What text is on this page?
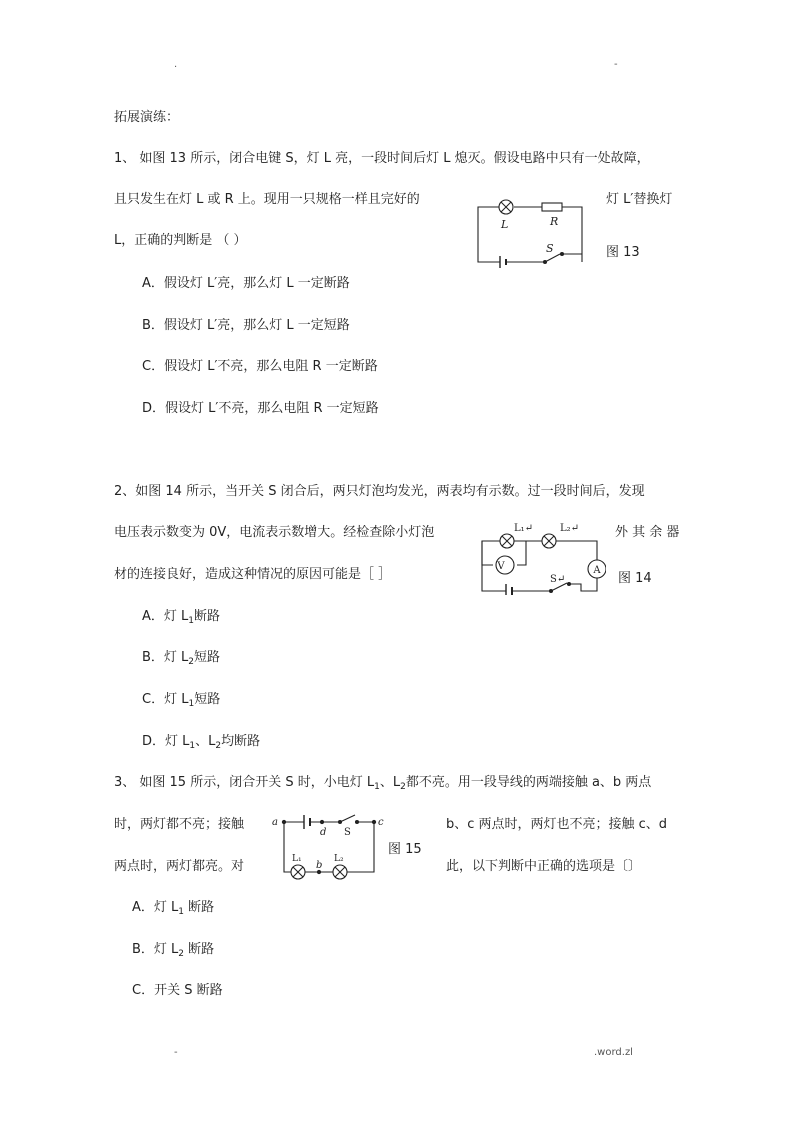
.	-
拓展演练：
1、 如图 13 所示，闭合电键 S，灯 L 亮，一段时间后灯 L 熄灭。假设电路中只有一处故障，
且只发生在灯 L 或 R 上。现用一只规格一样且完好的	灯 L′替换灯
L，正确的判断是 （ ）
L	R
S	图 13
A．假设灯 L′亮，那么灯 L 一定断路
B．假设灯 L′亮，那么灯 L 一定短路
C．假设灯 L′不亮，那么电阻 R 一定断路
D．假设灯 L′不亮，那么电阻 R 一定短路
2、如图 14 所示，当开关 S 闭合后，两只灯泡均发光，两表均有示数。过一段时间后，发现
电压表示数变为 0V，电流表示数增大。经检查除小灯泡	外 其 余 器
材的连接良好，造成这种情况的原因可能是［ ］
V	A
L₁↵	L₂↵
S↵	图 14
A．灯 $L_1$断路
B．灯 $L_2$短路
C．灯 $L_1$短路
D．灯 $L_1$、$L_2$均断路
3、 如图 15 所示，闭合开关 S 时，小电灯 $L_1$、$L_2$都不亮。用一段导线的两端接触 a、b 两点
时，两灯都不亮；接触	b、c 两点时，两灯也不亮；接触 c、d
两点时，两灯都亮。对	此，以下判断中正确的选项是〔〕
a
d S
c
b
L₁	L₂
图 15
A．灯 $L_1$ 断路
B．灯 $L_2$ 断路
C．开关 S 断路
-	.word.zl
